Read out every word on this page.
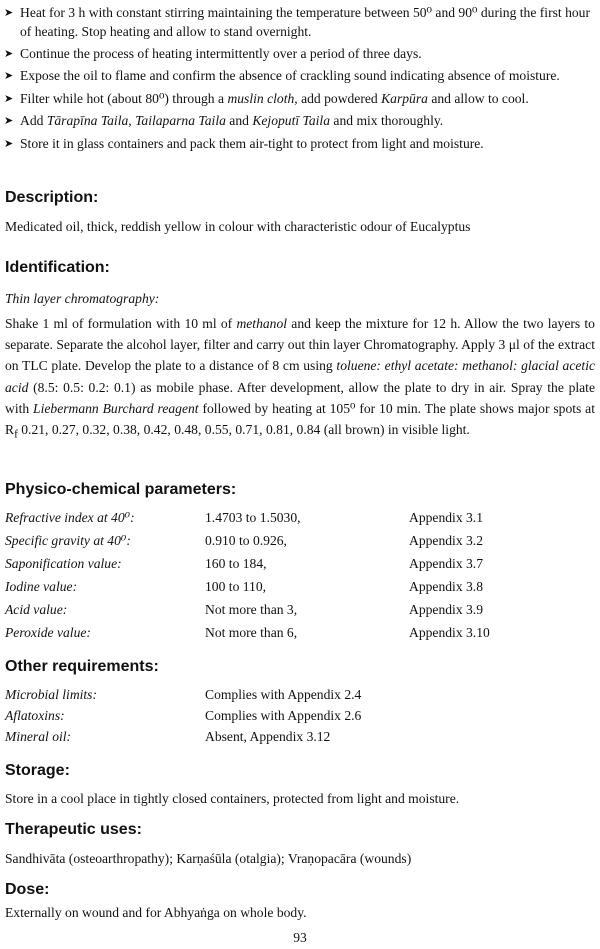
➤ Heat for 3 h with constant stirring maintaining the temperature between 50⁰ and 90⁰ during the first hour of heating. Stop heating and allow to stand overnight.
➤ Continue the process of heating intermittently over a period of three days.
➤ Expose the oil to flame and confirm the absence of crackling sound indicating absence of moisture.
➤ Filter while hot (about 80⁰) through a muslin cloth, add powdered Karpūra and allow to cool.
➤ Add Tārapīna Taila, Tailaparna Taila and Kejoputī Taila and mix thoroughly.
➤ Store it in glass containers and pack them air-tight to protect from light and moisture.
Description:
Medicated oil, thick, reddish yellow in colour with characteristic odour of Eucalyptus
Identification:
Thin layer chromatography:
Shake 1 ml of formulation with 10 ml of methanol and keep the mixture for 12 h. Allow the two layers to separate. Separate the alcohol layer, filter and carry out thin layer Chromatography. Apply 3 μl of the extract on TLC plate. Develop the plate to a distance of 8 cm using toluene: ethyl acetate: methanol: glacial acetic acid (8.5: 0.5: 0.2: 0.1) as mobile phase. After development, allow the plate to dry in air. Spray the plate with Liebermann Burchard reagent followed by heating at 105⁰ for 10 min. The plate shows major spots at $R_f$ 0.21, 0.27, 0.32, 0.38, 0.42, 0.48, 0.55, 0.71, 0.81, 0.84 (all brown) in visible light.
Physico-chemical parameters:
Refractive index at 40⁰:	1.4703 to 1.5030,	Appendix 3.1
Specific gravity at 40⁰:	0.910 to 0.926,	Appendix 3.2
Saponification value:	160 to 184,	Appendix 3.7
Iodine value:	100 to 110,	Appendix 3.8
Acid value:	Not more than 3,	Appendix 3.9
Peroxide value:	Not more than 6,	Appendix 3.10
Other requirements:
Microbial limits:	Complies with Appendix 2.4
Aflatoxins:	Complies with Appendix 2.6
Mineral oil:	Absent, Appendix 3.12
Storage:
Store in a cool place in tightly closed containers, protected from light and moisture.
Therapeutic uses:
Sandhivāta (osteoarthropathy); Karṇaśūla (otalgia); Vraṇopacāra (wounds)
Dose:
Externally on wound and for Abhyaṅga on whole body.
93
